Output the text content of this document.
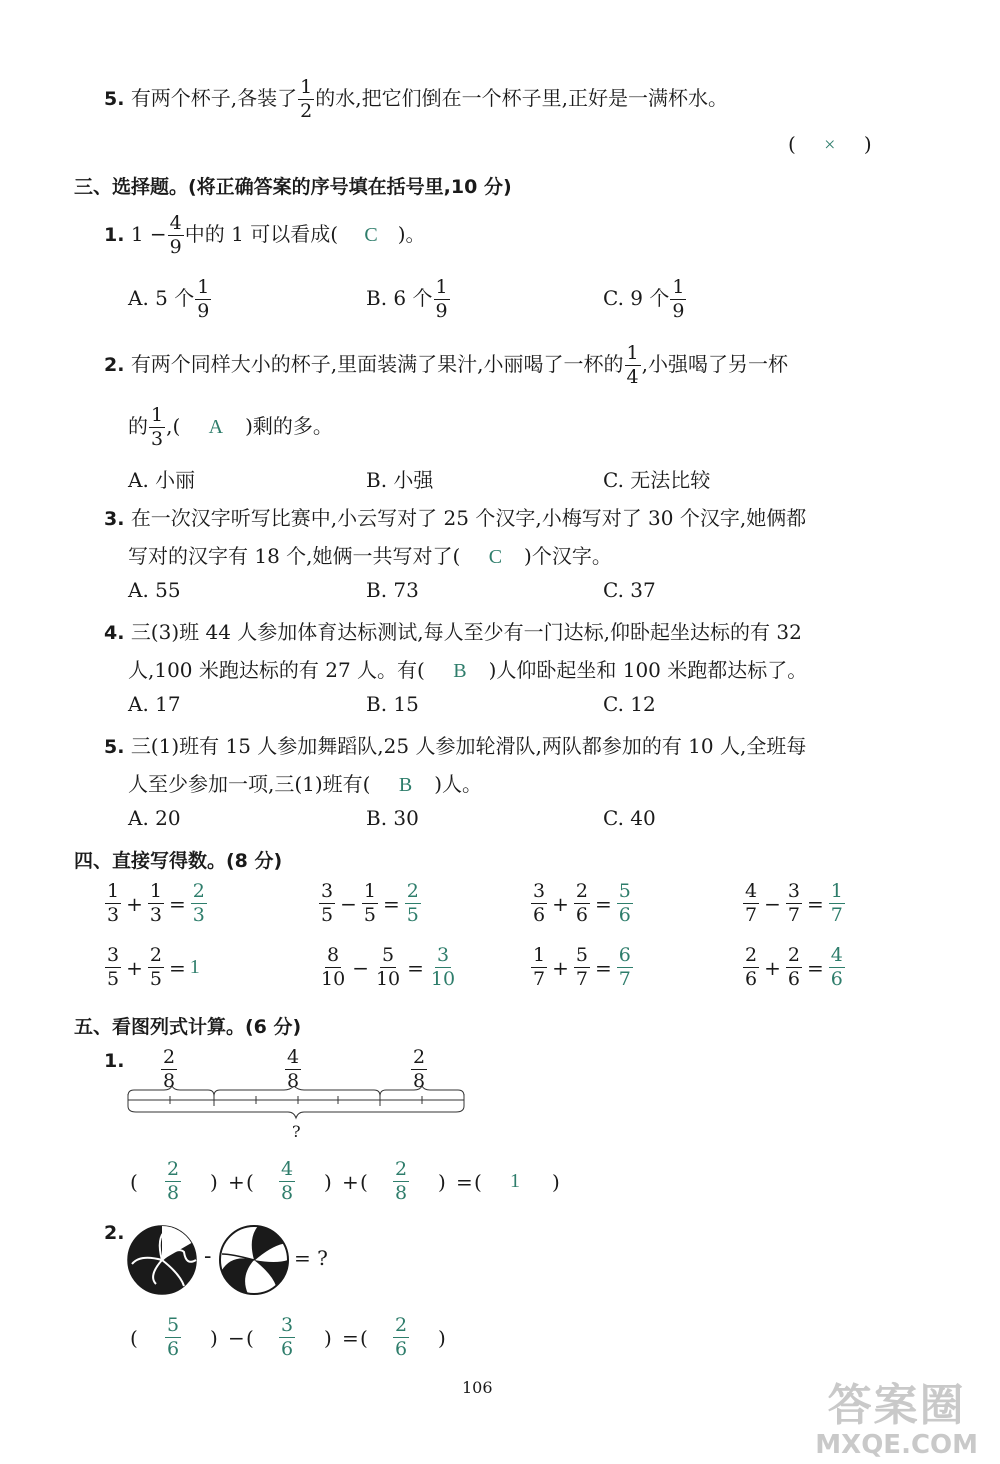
5. 有两个杯子,各装了 $\frac{1}{2}$ 的水,把它们倒在一个杯子里,正好是一满杯水。
( × )
三、选择题。(将正确答案的序号填在括号里,10 分)
1. $1 - \frac{4}{9}$ 中的 1 可以看成( C )。
A. 5 个 $\frac{1}{9}$	B. 6 个 $\frac{1}{9}$	C. 9 个 $\frac{1}{9}$
2. 有两个同样大小的杯子,里面装满了果汁,小丽喝了一杯的 $\frac{1}{4}$ ,小强喝了另一杯
的 $\frac{1}{3}$ ,( A )剩的多。
A. 小丽	B. 小强	C. 无法比较
3. 在一次汉字听写比赛中,小云写对了 25 个汉字,小梅写对了 30 个汉字,她俩都
写对的汉字有 18 个,她俩一共写对了( C )个汉字。
A. 55	B. 73	C. 37
4. 三(3)班 44 人参加体育达标测试,每人至少有一门达标,仰卧起坐达标的有 32
人,100 米跑达标的有 27 人。有( B )人仰卧起坐和 100 米跑都达标了。
A. 17	B. 15	C. 12
5. 三(1)班有 15 人参加舞蹈队,25 人参加轮滑队,两队都参加的有 10 人,全班每
人至少参加一项,三(1)班有( B )人。
A. 20	B. 30	C. 40
四、直接写得数。(8 分)
$\frac{1}{3} + \frac{1}{3} = \frac{2}{3}$	$\frac{3}{5} - \frac{1}{5} = \frac{2}{5}$	$\frac{3}{6} + \frac{2}{6} = \frac{5}{6}$	$\frac{4}{7} - \frac{3}{7} = \frac{1}{7}$
$\frac{3}{5} + \frac{2}{5} = 1$	$\frac{8}{10} - \frac{5}{10} = \frac{3}{10}$	$\frac{1}{7} + \frac{5}{7} = \frac{6}{7}$	$\frac{2}{6} + \frac{2}{6} = \frac{4}{6}$
五、看图列式计算。(6 分)
1. $\frac{2}{8}$	$\frac{4}{8}$	$\frac{2}{8}$
?
( $\frac{2}{8}$ ) + ( $\frac{4}{8}$ ) + ( $\frac{2}{8}$ ) = ( 1 )
2.
-	= ?
( $\frac{5}{6}$ ) − ( $\frac{3}{6}$ ) = ( $\frac{2}{6}$ )
106	答案圈
MXQE.COM
